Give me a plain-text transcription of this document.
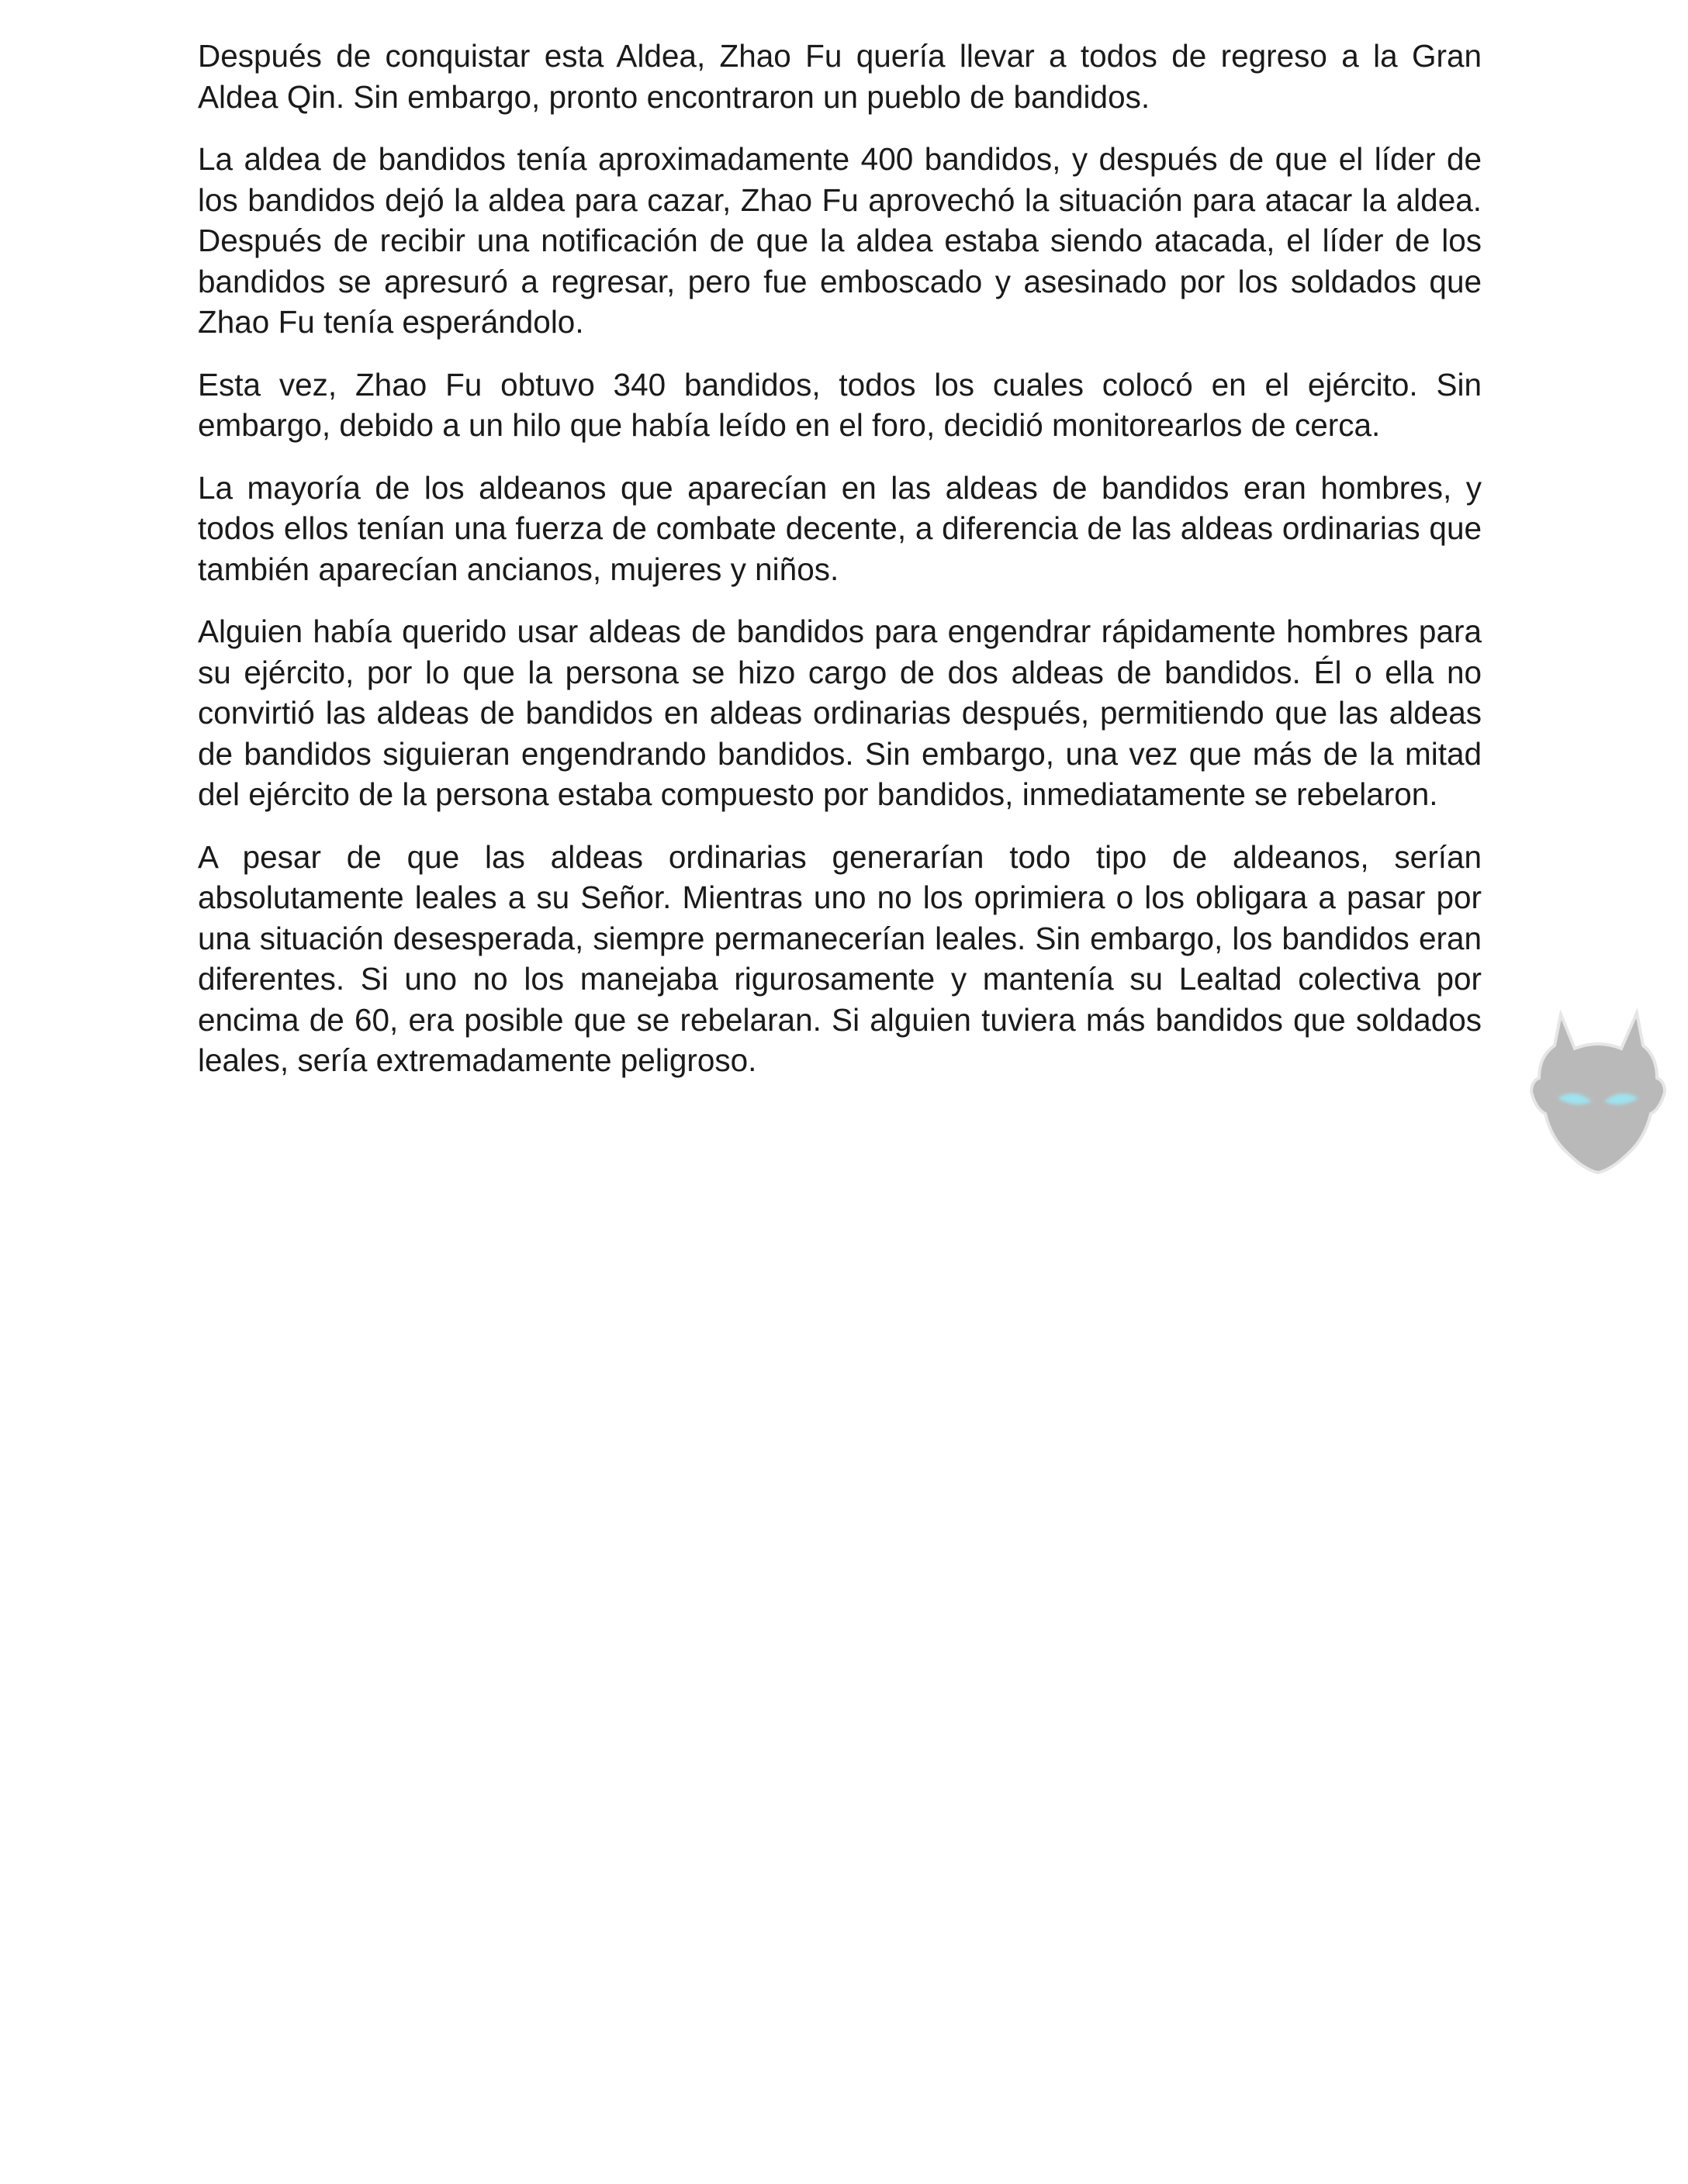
Después de conquistar esta Aldea, Zhao Fu quería llevar a todos de regreso a la Gran Aldea Qin. Sin embargo, pronto encontraron un pueblo de bandidos.

La aldea de bandidos tenía aproximadamente 400 bandidos, y después de que el líder de los bandidos dejó la aldea para cazar, Zhao Fu aprovechó la situación para atacar la aldea. Después de recibir una notificación de que la aldea estaba siendo atacada, el líder de los bandidos se apresuró a regresar, pero fue emboscado y asesinado por los soldados que Zhao Fu tenía esperándolo.

Esta vez, Zhao Fu obtuvo 340 bandidos, todos los cuales colocó en el ejército. Sin embargo, debido a un hilo que había leído en el foro, decidió monitorearlos de cerca.

La mayoría de los aldeanos que aparecían en las aldeas de bandidos eran hombres, y todos ellos tenían una fuerza de combate decente, a diferencia de las aldeas ordinarias que también aparecían ancianos, mujeres y niños.

Alguien había querido usar aldeas de bandidos para engendrar rápidamente hombres para su ejército, por lo que la persona se hizo cargo de dos aldeas de bandidos. Él o ella no convirtió las aldeas de bandidos en aldeas ordinarias después, permitiendo que las aldeas de bandidos siguieran engendrando bandidos. Sin embargo, una vez que más de la mitad del ejército de la persona estaba compuesto por bandidos, inmediatamente se rebelaron.

A pesar de que las aldeas ordinarias generarían todo tipo de aldeanos, serían absolutamente leales a su Señor. Mientras uno no los oprimiera o los obligara a pasar por una situación desesperada, siempre permanecerían leales. Sin embargo, los bandidos eran diferentes. Si uno no los manejaba rigurosamente y mantenía su Lealtad colectiva por encima de 60, era posible que se rebelaran. Si alguien tuviera más bandidos que soldados leales, sería extremadamente peligroso.
